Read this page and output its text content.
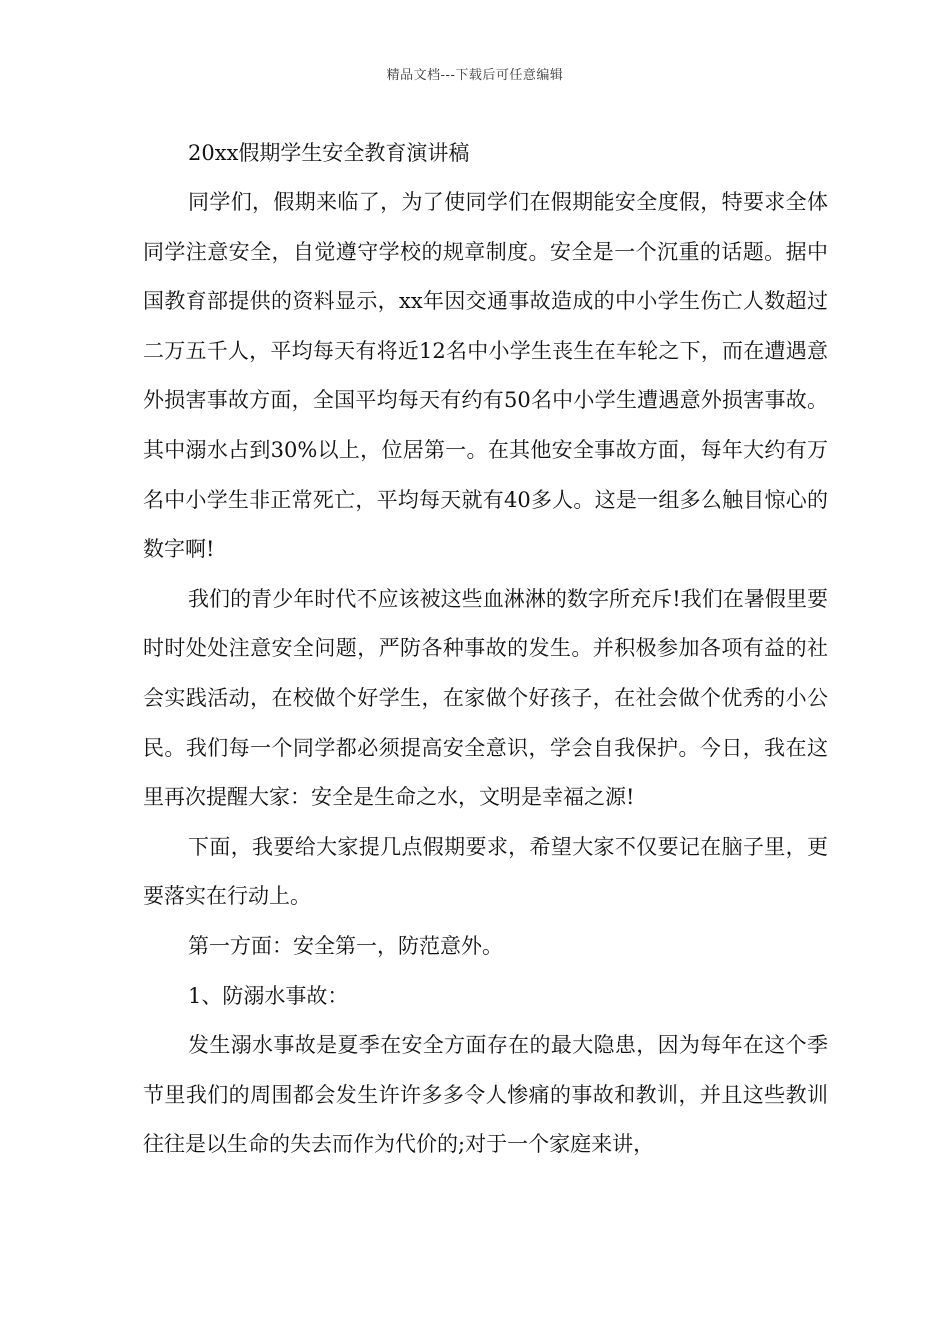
精品文档---下载后可任意编辑

20xx假期学生安全教育演讲稿

同学们，假期来临了，为了使同学们在假期能安全度假，特要求全体同学注意安全，自觉遵守学校的规章制度。安全是一个沉重的话题。据中国教育部提供的资料显示，xx年因交通事故造成的中小学生伤亡人数超过二万五千人，平均每天有将近12名中小学生丧生在车轮之下，而在遭遇意外损害事故方面，全国平均每天有约有50名中小学生遭遇意外损害事故。其中溺水占到30%以上，位居第一。在其他安全事故方面，每年大约有万名中小学生非正常死亡，平均每天就有40多人。这是一组多么触目惊心的数字啊!

我们的青少年时代不应该被这些血淋淋的数字所充斥!我们在暑假里要时时处处注意安全问题，严防各种事故的发生。并积极参加各项有益的社会实践活动，在校做个好学生，在家做个好孩子，在社会做个优秀的小公民。我们每一个同学都必须提高安全意识，学会自我保护。今日，我在这里再次提醒大家：安全是生命之水，文明是幸福之源!

下面，我要给大家提几点假期要求，希望大家不仅要记在脑子里，更要落实在行动上。

第一方面：安全第一，防范意外。

1、防溺水事故：

发生溺水事故是夏季在安全方面存在的最大隐患，因为每年在这个季节里我们的周围都会发生许许多多令人惨痛的事故和教训，并且这些教训往往是以生命的失去而作为代价的;对于一个家庭来讲，
